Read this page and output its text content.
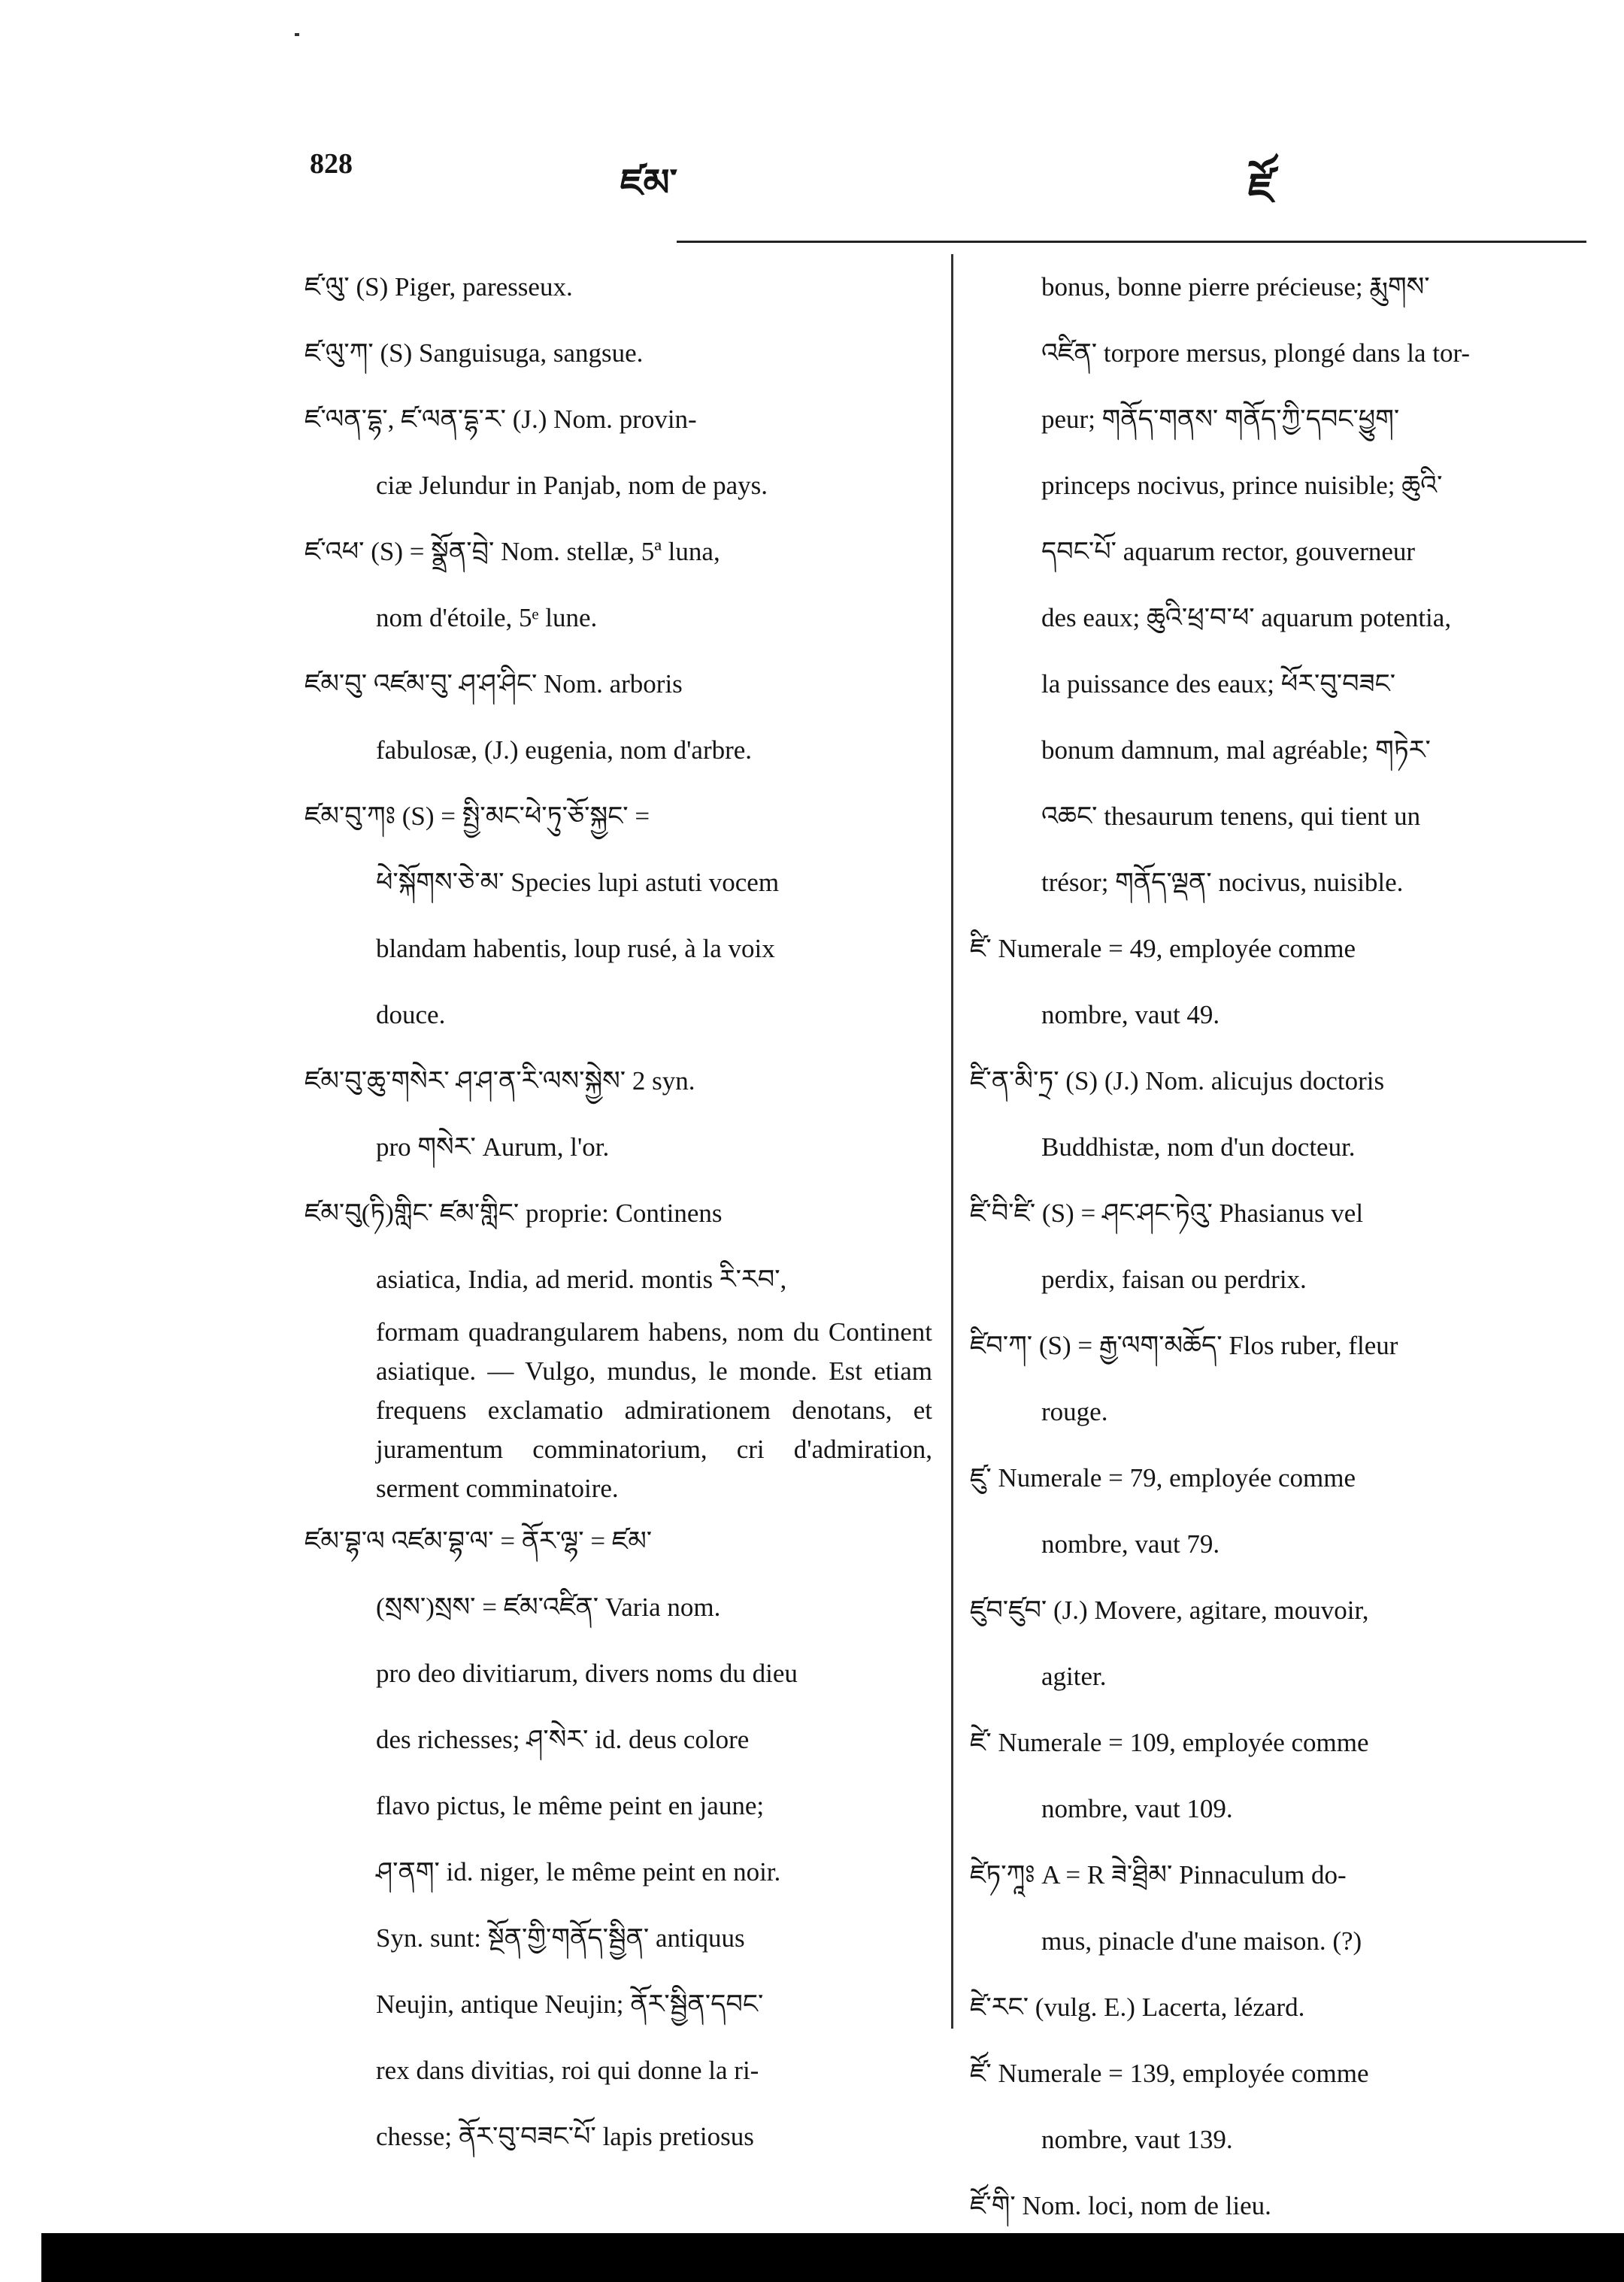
828	ཛམ་	ཛོ

ཛ་ལུ་ (S) Piger, paresseux.

ཛ་ལུ་ཀ་ (S) Sanguisuga, sangsue.

ཛ་ལན་དྷ་, ཛ་ལན་དྷ་ར་ (J.) Nom. provin-

ciæ Jelundur in Panjab, nom de pays.

ཛ་འཕ་ (S) = སྣྲོན་བྲེ་ Nom. stellæ, 5ª luna,

nom d'étoile, 5ᵉ lune.

ཛམ་བུ་ འཛམ་བུ་ ཤ་ཤ་ཤིང་ Nom. arboris

fabulosæ, (J.) eugenia, nom d'arbre.

ཛམ་བུ་ཀཿ (S) = སྤྱི་མང་ཕེ་ཏུ་ཅོ་སྐྱང་ =

ཕེ་སྐོགས་ཅེ་མ་ Species lupi astuti vocem

blandam habentis, loup rusé, à la voix

douce.

ཛམ་བུ་ཆུ་གསེར་ ཤ་ཤ་ན་རི་ལས་སྐྱེས་ 2 syn.

pro གསེར་ Aurum, l'or.

ཛམ་བུ(ཏི)གླིང་ ཛམ་གླིང་ proprie: Continens

asiatica, India, ad merid. montis རི་རབ་,

formam quadrangularem habens, nom du Continent asiatique. — Vulgo, mundus, le monde. Est etiam frequens exclamatio admirationem denotans, et juramentum comminatorium, cri d'admiration, serment comminatoire.

ཛམ་བྷ་ལ འཛམ་བྷ་ལ་ = ནོར་ལྷ་ = ཛམ་

(སྲས་)སྲས་ = ཛམ་འཛིན་ Varia nom.

pro deo divitiarum, divers noms du dieu

des richesses; ཤ་སེར་ id. deus colore

flavo pictus, le même peint en jaune;

ཤ་ནག་ id. niger, le même peint en noir.

Syn. sunt: སྔོན་གྱི་གནོད་སྦྱིན་ antiquus

Neujin, antique Neujin; ནོར་སྦྱིན་དབང་

rex dans divitias, roi qui donne la ri-

chesse; ནོར་བུ་བཟང་པོ་ lapis pretiosus

bonus, bonne pierre précieuse; རྨུགས་

འཛིན་ torpore mersus, plongé dans la tor-

peur; གནོད་གནས་ གནོད་ཀྱི་དབང་ཕྱུག་

princeps nocivus, prince nuisible; ཆུའི་

དབང་པོ་ aquarum rector, gouverneur

des eaux; ཆུའི་ཕྲ་བ་ཕ་ aquarum potentia,

la puissance des eaux; ཕོར་བུ་བཟང་

bonum damnum, mal agréable; གཏེར་

འཆང་ thesaurum tenens, qui tient un

trésor; གནོད་ལྡན་ nocivus, nuisible.

ཛི་ Numerale = 49, employée comme

nombre, vaut 49.

ཛི་ན་མི་ཏྲ་ (S) (J.) Nom. alicujus doctoris

Buddhistæ, nom d'un docteur.

ཛི་བི་ཛི་ (S) = ཤང་ཤང་ཏེའུ་ Phasianus vel

perdix, faisan ou perdrix.

ཛིབ་ཀ་ (S) = རྒྱ་ལག་མཆོད་ Flos ruber, fleur

rouge.

ཛུ་ Numerale = 79, employée comme

nombre, vaut 79.

ཛུབ་ཛུབ་ (J.) Movere, agitare, mouvoir,

agiter.

ཛེ་ Numerale = 109, employée comme

nombre, vaut 109.

ཛེཏ་ཀཱཿ A = R ཟེ་ཐྲིམ་ Pinnaculum do-

mus, pinacle d'une maison. (?)

ཛེ་རང་ (vulg. E.) Lacerta, lézard.

ཛོ་ Numerale = 139, employée comme

nombre, vaut 139.

ཛོ་གི་ Nom. loci, nom de lieu.
